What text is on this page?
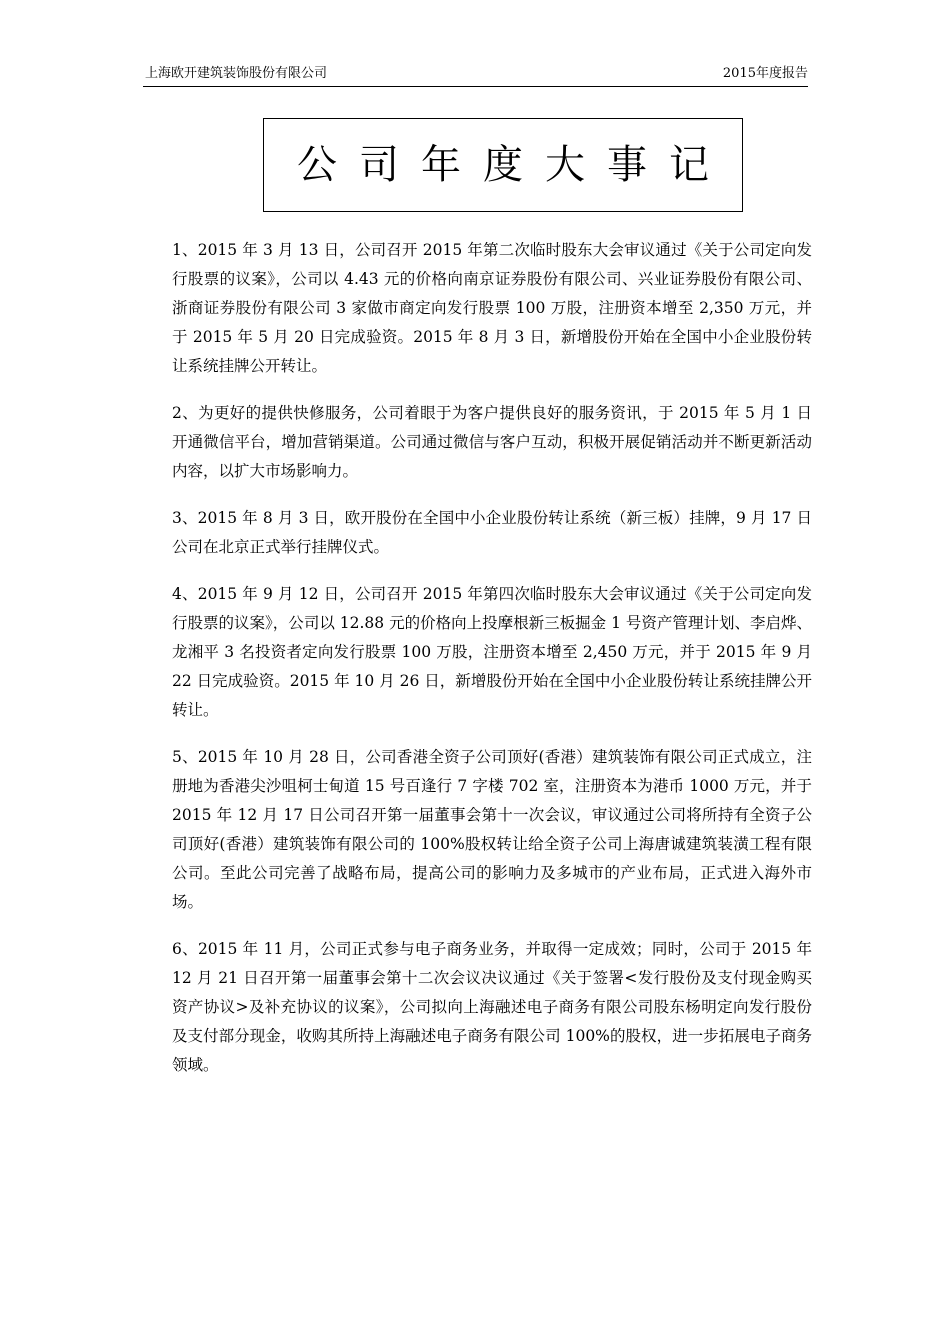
上海欧开建筑装饰股份有限公司	2015年度报告
公司年度大事记

1、2015 年 3 月 13 日，公司召开 2015 年第二次临时股东大会审议通过《关于公司定向发行股票的议案》，公司以 4.43 元的价格向南京证券股份有限公司、兴业证券股份有限公司、浙商证券股份有限公司 3 家做市商定向发行股票 100 万股，注册资本增至 2,350 万元，并于 2015 年 5 月 20 日完成验资。2015 年 8 月 3 日，新增股份开始在全国中小企业股份转让系统挂牌公开转让。

2、为更好的提供快修服务，公司着眼于为客户提供良好的服务资讯，于 2015 年 5 月 1 日开通微信平台，增加营销渠道。公司通过微信与客户互动，积极开展促销活动并不断更新活动内容，以扩大市场影响力。

3、2015 年 8 月 3 日，欧开股份在全国中小企业股份转让系统（新三板）挂牌，9 月 17 日公司在北京正式举行挂牌仪式。

4、2015 年 9 月 12 日，公司召开 2015 年第四次临时股东大会审议通过《关于公司定向发行股票的议案》，公司以 12.88 元的价格向上投摩根新三板掘金 1 号资产管理计划、李启烨、龙湘平 3 名投资者定向发行股票 100 万股，注册资本增至 2,450 万元，并于 2015 年 9 月 22 日完成验资。2015 年 10 月 26 日，新增股份开始在全国中小企业股份转让系统挂牌公开转让。

5、2015 年 10 月 28 日，公司香港全资子公司顶好(香港）建筑装饰有限公司正式成立，注册地为香港尖沙咀柯士甸道 15 号百逢行 7 字楼 702 室，注册资本为港币 1000 万元，并于 2015 年 12 月 17 日公司召开第一届董事会第十一次会议，审议通过公司将所持有全资子公司顶好(香港）建筑装饰有限公司的 100%股权转让给全资子公司上海唐诚建筑装潢工程有限公司。至此公司完善了战略布局，提高公司的影响力及多城市的产业布局，正式进入海外市场。

6、2015 年 11 月，公司正式参与电子商务业务，并取得一定成效；同时，公司于 2015 年 12 月 21 日召开第一届董事会第十二次会议决议通过《关于签署<发行股份及支付现金购买资产协议>及补充协议的议案》，公司拟向上海融述电子商务有限公司股东杨明定向发行股份及支付部分现金，收购其所持上海融述电子商务有限公司 100%的股权，进一步拓展电子商务领域。
